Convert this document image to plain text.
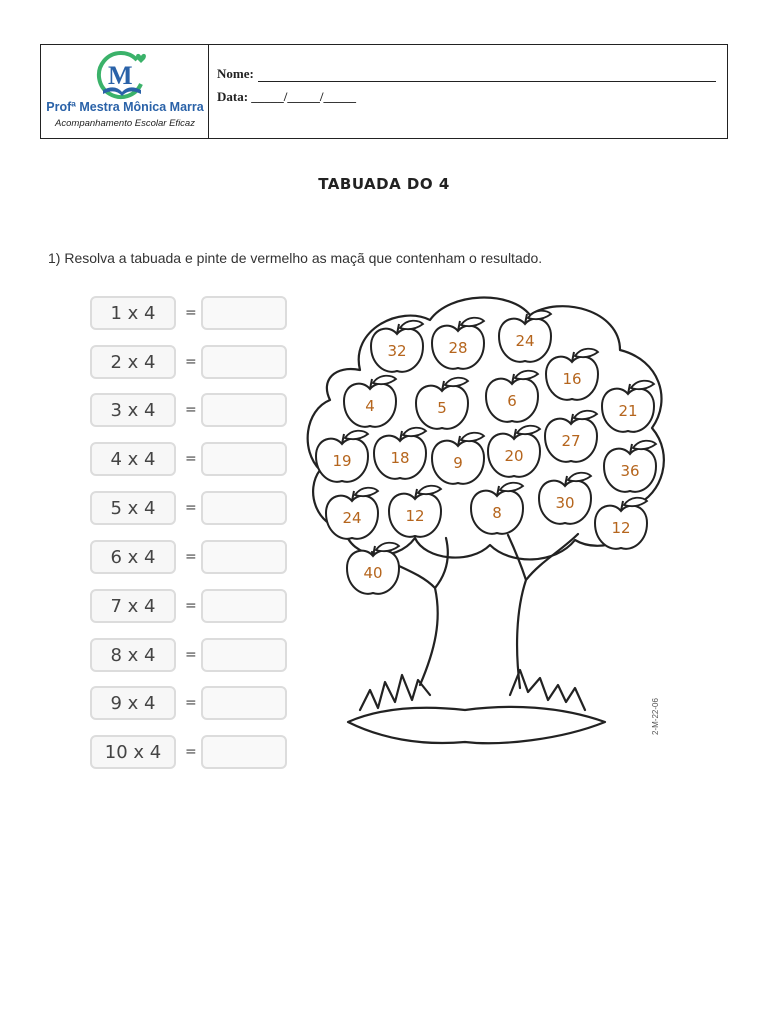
M
Profª Mestra Mônica Marra
Acompanhamento Escolar Eficaz
Nome:
Data: _____/_____/_____
TABUADA DO 4
1) Resolva a tabuada e pinte de vermelho as maçã que contenham o resultado.
1 x 4	=
2 x 4	=
3 x 4	=
4 x 4	=
5 x 4	=
6 x 4	=
7 x 4	=
8 x 4	=
9 x 4	=
10 x 4	=
32	28	24
16
4	5	6
21
27
19	18	9	20
36
30
24	12	8
12
40
2-M-22-06
